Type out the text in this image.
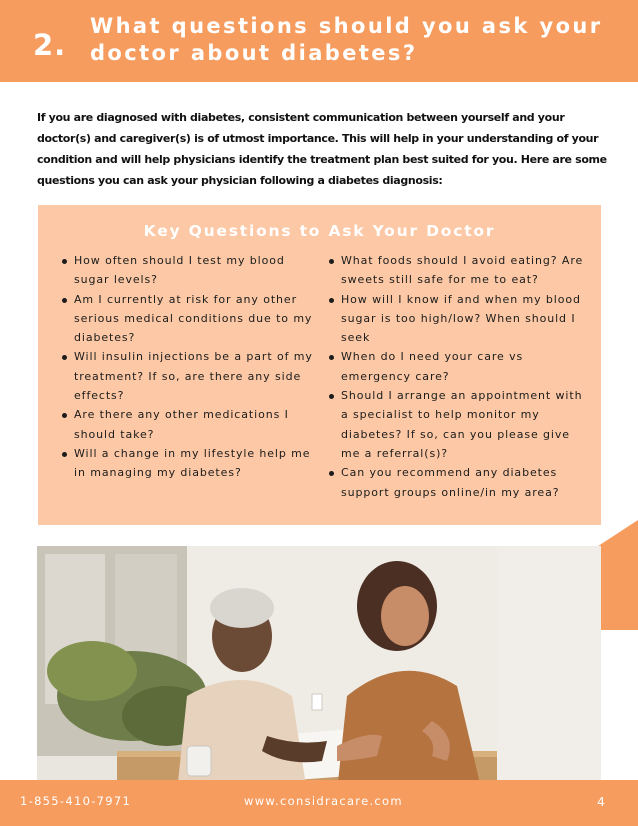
2.
What questions should you ask your
doctor about diabetes?
If you are diagnosed with diabetes, consistent communication between yourself and your doctor(s) and caregiver(s) is of utmost importance. This will help in your understanding of your condition and will help physicians identify the treatment plan best suited for you. Here are some questions you can ask your physician following a diabetes diagnosis:
Key Questions to Ask Your Doctor
How often should I test my blood sugar levels?
Am I currently at risk for any other serious medical conditions due to my diabetes?
Will insulin injections be a part of my treatment? If so, are there any side effects?
Are there any other medications I should take?
Will a change in my lifestyle help me in managing my diabetes?
What foods should I avoid eating? Are sweets still safe for me to eat?
How will I know if and when my blood sugar is too high/low? When should I seek
When do I need your care vs emergency care?
Should I arrange an appointment with a specialist to help monitor my diabetes? If so, can you please give me a referral(s)?
Can you recommend any diabetes support groups online/in my area?
1-855-410-7971	www.considracare.com	4
